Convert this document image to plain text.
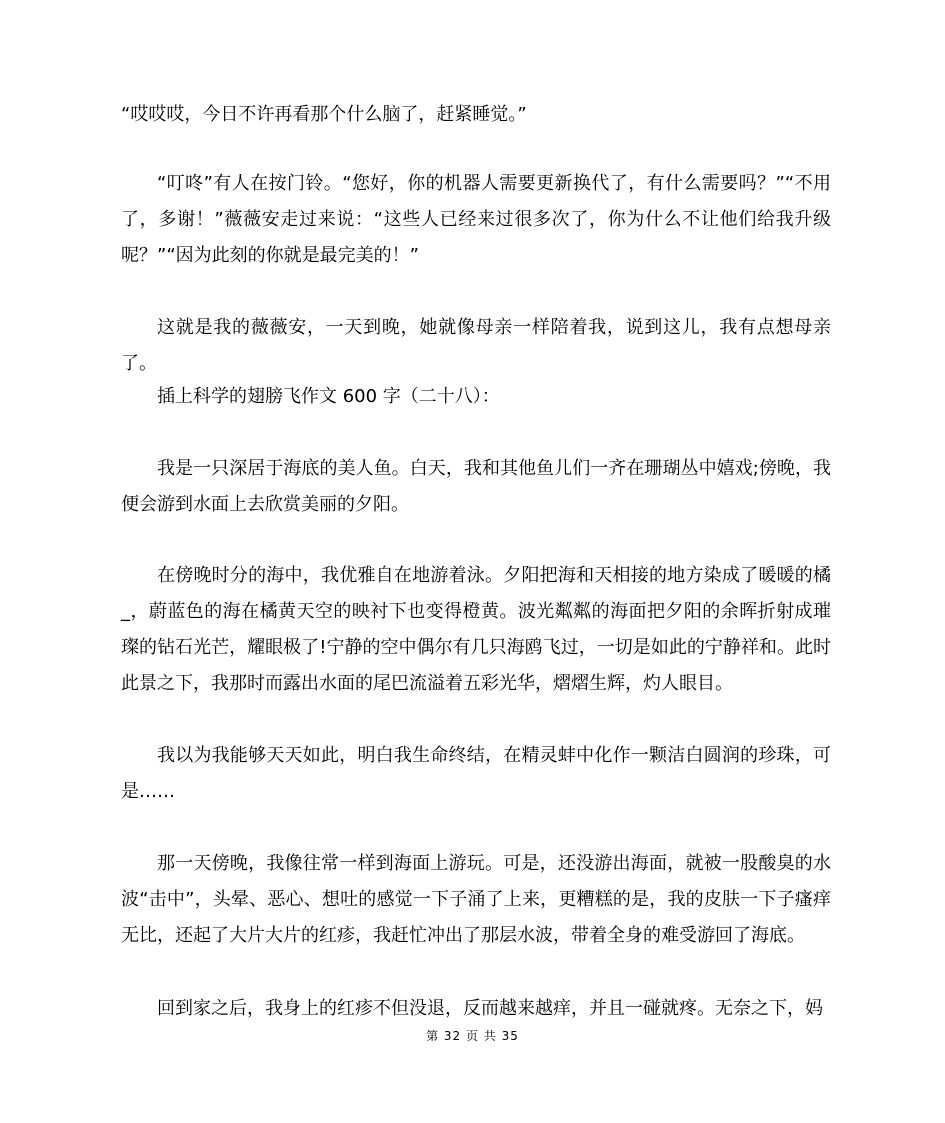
“哎哎哎，今日不许再看那个什么脑了，赶紧睡觉。”

“叮咚”有人在按门铃。“您好，你的机器人需要更新换代了，有什么需要吗？”“不用了，多谢！”薇薇安走过来说：“这些人已经来过很多次了，你为什么不让他们给我升级呢？”“因为此刻的你就是最完美的！”

这就是我的薇薇安，一天到晚，她就像母亲一样陪着我，说到这儿，我有点想母亲了。

插上科学的翅膀飞作文 600 字（二十八）：

我是一只深居于海底的美人鱼。白天，我和其他鱼儿们一齐在珊瑚丛中嬉戏;傍晚，我便会游到水面上去欣赏美丽的夕阳。

在傍晚时分的海中，我优雅自在地游着泳。夕阳把海和天相接的地方染成了暖暖的橘_，蔚蓝色的海在橘黄天空的映衬下也变得橙黄。波光粼粼的海面把夕阳的余晖折射成璀璨的钻石光芒，耀眼极了!宁静的空中偶尔有几只海鸥飞过，一切是如此的宁静祥和。此时此景之下，我那时而露出水面的尾巴流溢着五彩光华，熠熠生辉，灼人眼目。

我以为我能够天天如此，明白我生命终结，在精灵蚌中化作一颗洁白圆润的珍珠，可是……

那一天傍晚，我像往常一样到海面上游玩。可是，还没游出海面，就被一股酸臭的水波“击中”，头晕、恶心、想吐的感觉一下子涌了上来，更糟糕的是，我的皮肤一下子瘙痒无比，还起了大片大片的红疹，我赶忙冲出了那层水波，带着全身的难受游回了海底。

回到家之后，我身上的红疹不但没退，反而越来越痒，并且一碰就疼。无奈之下，妈

第 32 页 共 35
